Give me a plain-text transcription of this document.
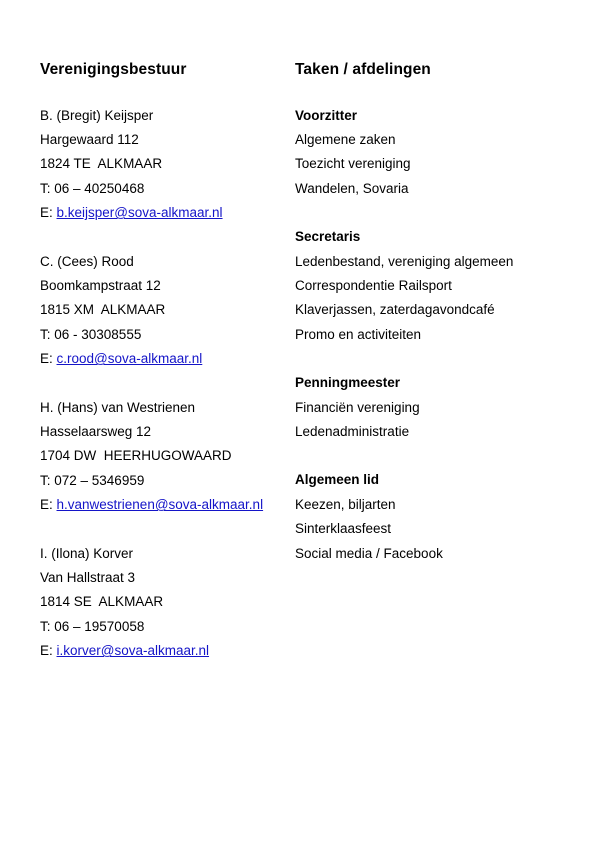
Verenigingsbestuur
B. (Bregit) Keijsper
Hargewaard 112
1824 TE  ALKMAAR
T: 06 – 40250468
E: b.keijsper@sova-alkmaar.nl
C. (Cees) Rood
Boomkampstraat 12
1815 XM  ALKMAAR
T: 06 - 30308555
E: c.rood@sova-alkmaar.nl
H. (Hans) van Westrienen
Hasselaarsweg 12
1704 DW  HEERHUGOWAARD
T: 072 – 5346959
E: h.vanwestrienen@sova-alkmaar.nl
I. (Ilona) Korver
Van Hallstraat 3
1814 SE  ALKMAAR
T: 06 – 19570058
E: i.korver@sova-alkmaar.nl
Taken / afdelingen
Voorzitter
Algemene zaken
Toezicht vereniging
Wandelen, Sovaria
Secretaris
Ledenbestand, vereniging algemeen
Correspondentie Railsport
Klaverjassen, zaterdagavondcafé
Promo en activiteiten
Penningmeester
Financiën vereniging
Ledenadministratie
Algemeen lid
Keezen, biljarten
Sinterklaasfeest
Social media / Facebook
